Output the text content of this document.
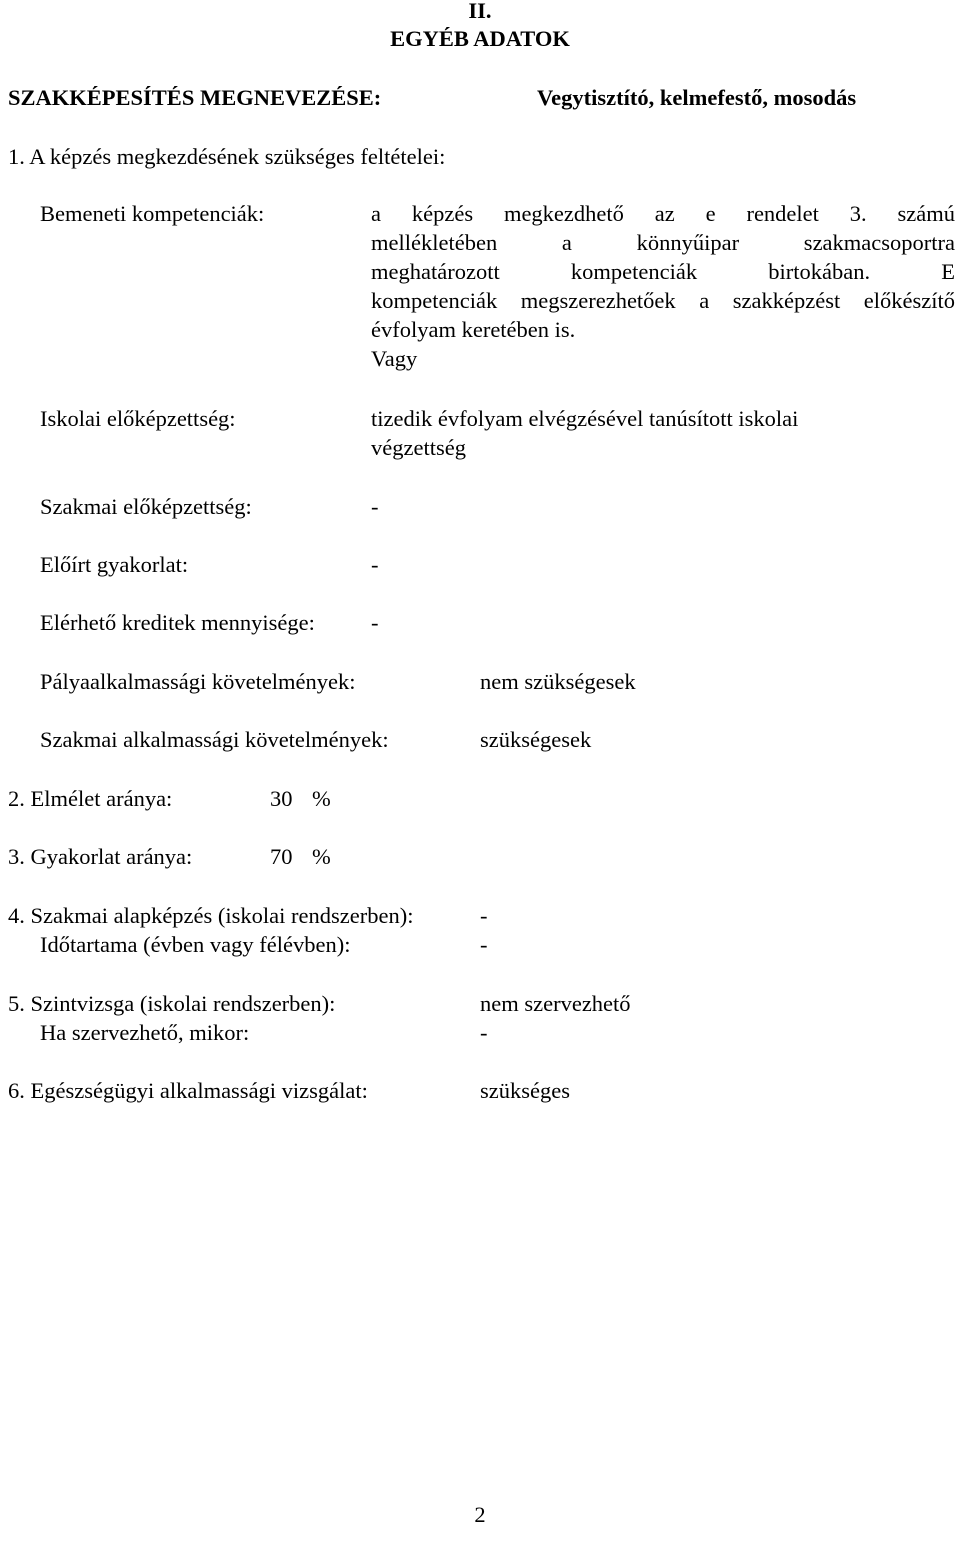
II.
EGYÉB ADATOK
SZAKKÉPESÍTÉS MEGNEVEZÉSE:	Vegytisztító, kelmefestő, mosodás
1. A képzés megkezdésének szükséges feltételei:
Bemeneti kompetenciák:	a képzés megkezdhető az e rendelet 3. számú
mellékletében a könnyűipar szakmacsoportra
meghatározott kompetenciák birtokában. E
kompetenciák megszerezhetőek a szakképzést előkészítő
évfolyam keretében is.
Vagy
Iskolai előképzettség:	tizedik évfolyam elvégzésével tanúsított iskolai
végzettség
Szakmai előképzettség:	-
Előírt gyakorlat:	-
Elérhető kreditek mennyisége: -
Pályaalkalmassági követelmények:	nem szükségesek
Szakmai alkalmassági követelmények:	szükségesek
2. Elmélet aránya:	30 %
3. Gyakorlat aránya:	70 %
4. Szakmai alapképzés (iskolai rendszerben):	-
Időtartama (évben vagy félévben):	-
5. Szintvizsga (iskolai rendszerben):	nem szervezhető
Ha szervezhető, mikor:	-
6. Egészségügyi alkalmassági vizsgálat:	szükséges
2
